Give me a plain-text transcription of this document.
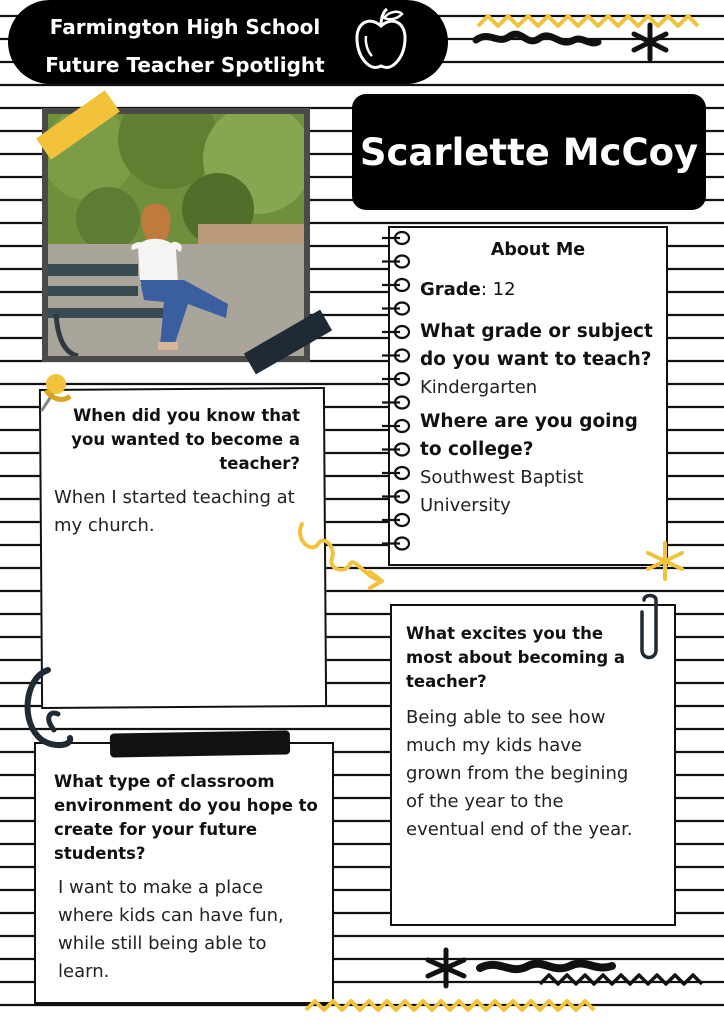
Farmington High School
Future Teacher Spotlight
Scarlette McCoy
About Me
Grade: 12
What grade or subject do you want to teach?
Kindergarten
Where are you going to college?
Southwest Baptist University
When did you know that you wanted to become a teacher?
When I started teaching at my church.
What excites you the most about becoming a teacher?
Being able to see how much my kids have grown from the begining of the year to the eventual end of the year.
What type of classroom environment do you hope to create for your future students?
I want to make a place where kids can have fun, while still being able to learn.
